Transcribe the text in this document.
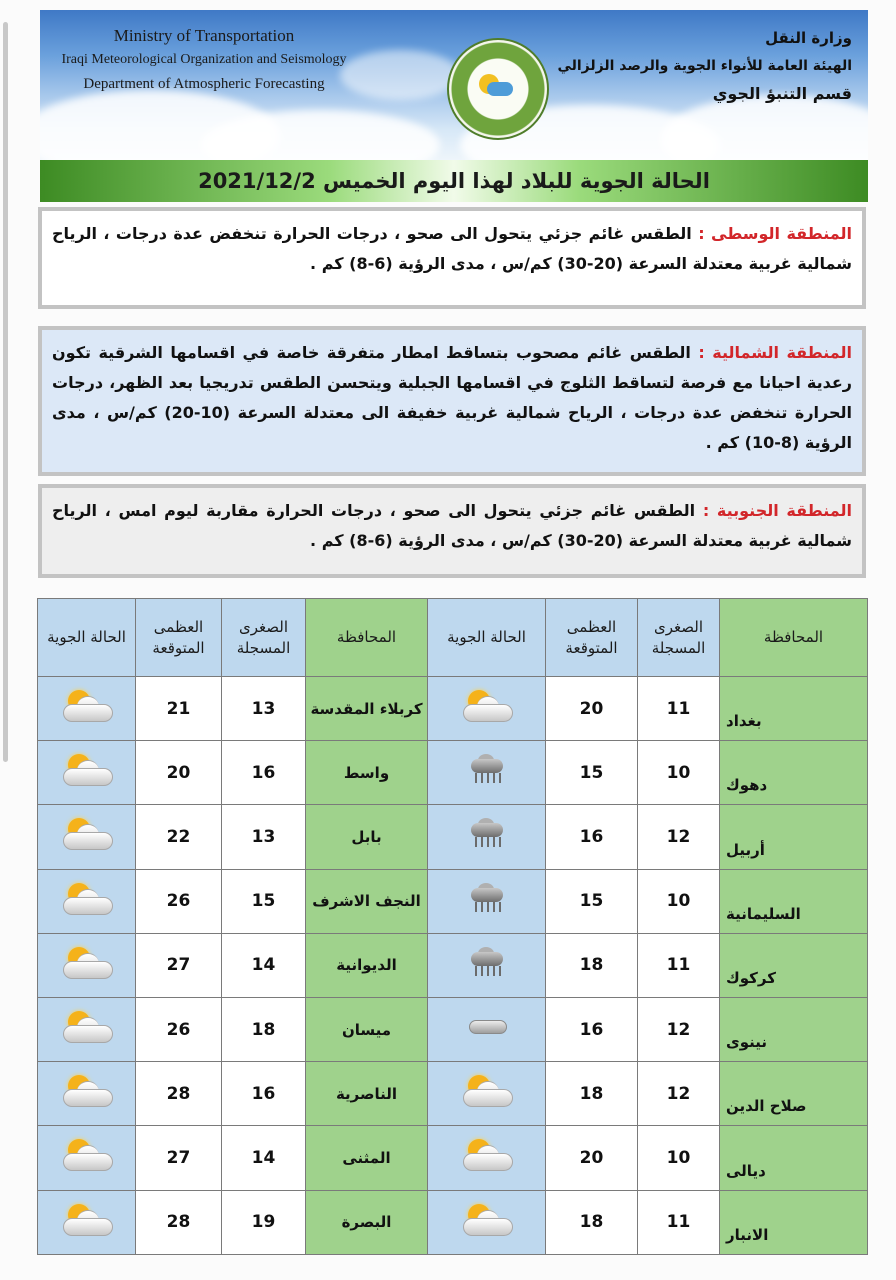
Ministry of Transportation
Iraqi Meteorological Organization and Seismology
Department of Atmospheric Forecasting
وزارة النقل
الهيئة العامة للأنواء الجوية والرصد الزلزالي
قسم التنبؤ الجوي
الحالة الجوية للبلاد لهذا اليوم الخميس 2021/12/2
المنطقة الوسطى : الطقس غائم جزئي يتحول الى صحو ، درجات الحرارة تنخفض عدة درجات ، الرياح شمالية غربية معتدلة السرعة (20-30) كم/س ، مدى الرؤية (6-8) كم .
المنطقة الشمالية : الطقس غائم مصحوب بتساقط امطار متفرقة خاصة في اقسامها الشرقية تكون رعدية احيانا مع فرصة لتساقط الثلوج في اقسامها الجبلية ويتحسن الطقس تدريجيا بعد الظهر، درجات الحرارة تنخفض عدة درجات ، الرياح شمالية غربية خفيفة الى معتدلة السرعة (10-20) كم/س ، مدى الرؤية (8-10) كم .
المنطقة الجنوبية : الطقس غائم جزئي يتحول الى صحو ، درجات الحرارة مقاربة ليوم امس ، الرياح شمالية غربية معتدلة السرعة (20-30) كم/س ، مدى الرؤية (6-8) كم .
المحافظة	الصغرى المسجلة	العظمى المتوقعة	الحالة الجوية	المحافظة	الصغرى المسجلة	العظمى المتوقعة	الحالة الجوية
بغداد	11	20		كربلاء المقدسة	13	21	

دهوك	10	15		واسط	16	20	

أربيل	12	16		بابل	13	22	

السليمانية	10	15		النجف الاشرف	15	26	

كركوك	11	18		الديوانية	14	27	

نينوى	12	16		ميسان	18	26	

صلاح الدين	12	18		الناصرية	16	28	

ديالى	10	20		المثنى	14	27	

الانبار	11	18		البصرة	19	28	
